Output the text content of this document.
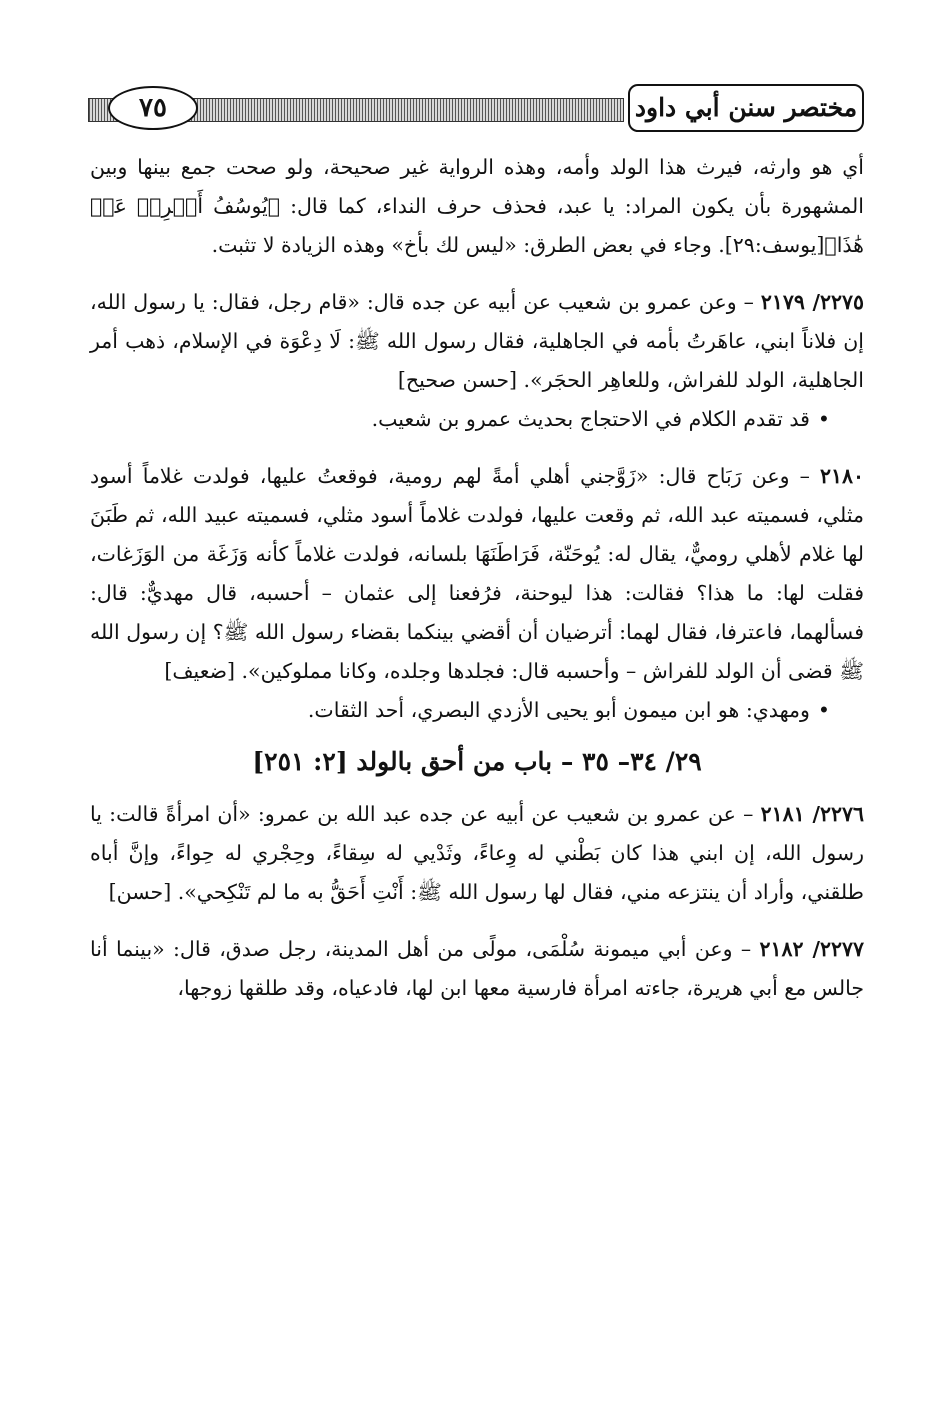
٧٥	مختصر سنن أبي داود

أي هو وارثه، فيرث هذا الولد وأمه، وهذه الرواية غير صحيحة، ولو صحت جمع بينها وبين المشهورة بأن يكون المراد: يا عبد، فحذف حرف النداء، كما قال: ﴿يُوسُفُ أَعۡرِضۡ عَنۡ هَٰذَا﴾[يوسف:٢٩]. وجاء في بعض الطرق: «ليس لك بأخ» وهذه الزيادة لا تثبت.

٢٢٧٥/ ٢١٧٩ – وعن عمرو بن شعيب عن أبيه عن جده قال: «قام رجل، فقال: يا رسول الله، إن فلاناً ابني، عاهَرتُ بأمه في الجاهلية، فقال رسول الله ﷺ: لَا دِعْوَة في الإسلام، ذهب أمر الجاهلية، الولد للفراش، وللعاهِر الحجَر». [حسن صحيح]

•قد تقدم الكلام في الاحتجاج بحديث عمرو بن شعيب.

٢١٨٠ – وعن رَبَاح قال: «زَوَّجني أهلي أمةً لهم رومية، فوقعتُ عليها، فولدت غلاماً أسود مثلي، فسميته عبد الله، ثم وقعت عليها، فولدت غلاماً أسود مثلي، فسميته عبيد الله، ثم طَبَنَ لها غلام لأهلي روميٌّ، يقال له: يُوحَنّة، فَرَاطَنَهَا بلسانه، فولدت غلاماً كأنه وَزَغَة من الوَزَغات، فقلت لها: ما هذا؟ فقالت: هذا ليوحنة، فرُفعنا إلى عثمان – أحسبه، قال مهديٌّ: قال: فسألهما، فاعترفا، فقال لهما: أترضيان أن أقضي بينكما بقضاء رسول الله ﷺ؟ إن رسول الله ﷺ قضى أن الولد للفراش – وأحسبه قال: فجلدها وجلده، وكانا مملوكين». [ضعيف]

•ومهدي: هو ابن ميمون أبو يحيى الأزدي البصري، أحد الثقات.

٢٩/ ٣٤– ٣٥ – باب من أحق بالولد [٢: ٢٥١]

٢٢٧٦/ ٢١٨١ – عن عمرو بن شعيب عن أبيه عن جده عبد الله بن عمرو: «أن امرأةً قالت: يا رسول الله، إن ابني هذا كان بَطْني له وِعاءً، وثَدْيي له سِقاءً، وحِجْري له حِواءً، وإنَّ أباه طلقني، وأراد أن ينتزعه مني، فقال لها رسول الله ﷺ: أَنْتِ أَحَقُّ به ما لم تَنْكِحي». [حسن]

٢٢٧٧/ ٢١٨٢ – وعن أبي ميمونة سُلْمَى، مولًى من أهل المدينة، رجل صدق، قال: «بينما أنا جالس مع أبي هريرة، جاءته امرأة فارسية معها ابن لها، فادعياه، وقد طلقها زوجها،
